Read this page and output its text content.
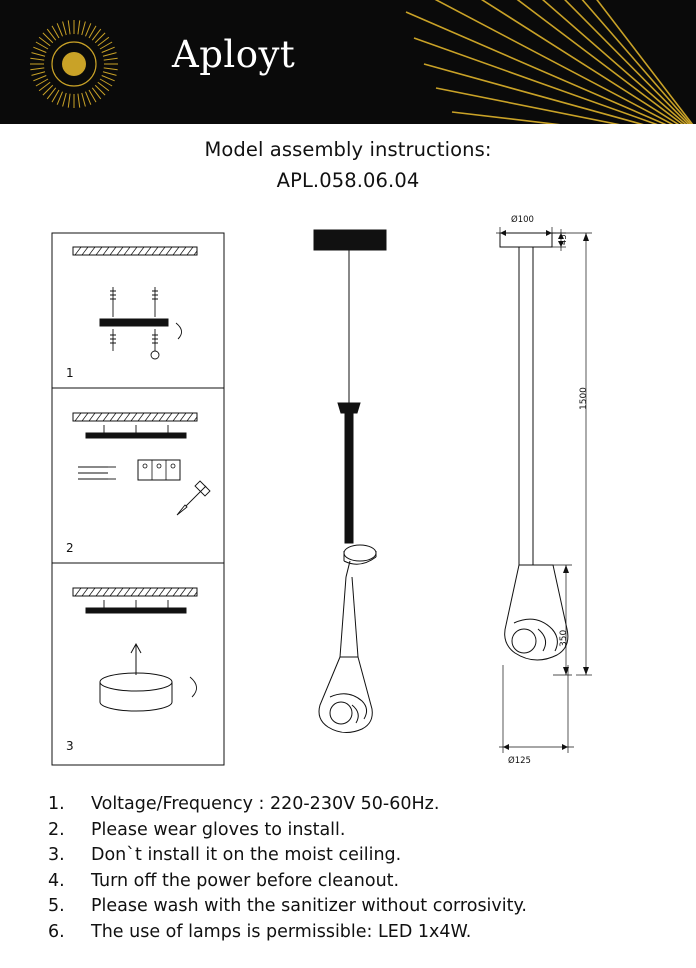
Aployt
Model assembly instructions:
APL.058.06.04
1
2
3
Ø100
45
1500
350
Ø125
1.	Voltage/Frequency : 220-230V 50-60Hz.
2.	Please wear gloves to install.
3.	Don`t install it on the moist ceiling.
4.	Turn off the power before cleanout.
5.	Please wash with the sanitizer without corrosivity.
6.	The use of lamps is permissible: LED 1x4W.
